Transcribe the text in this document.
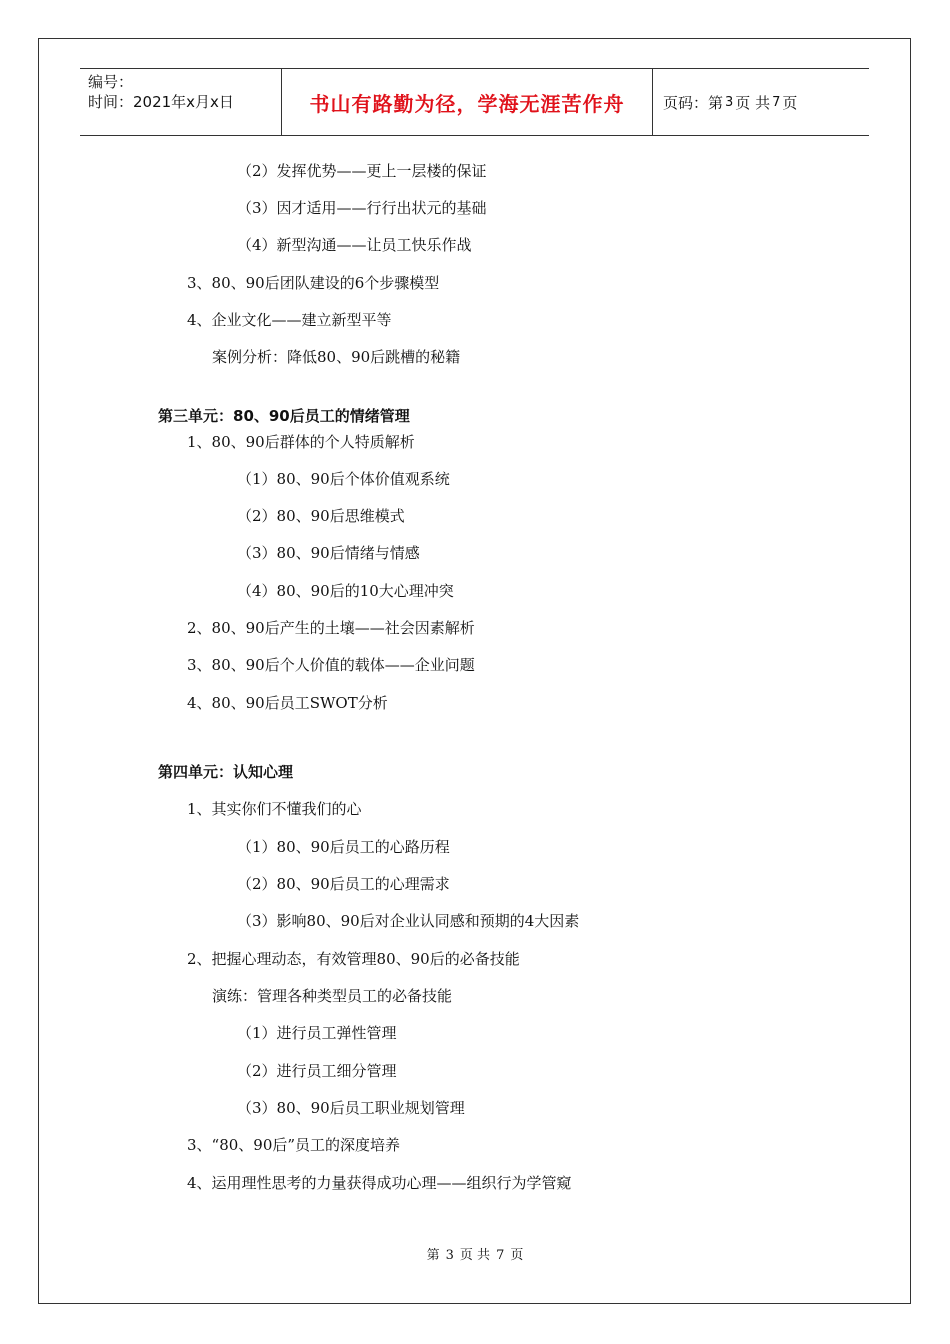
编号：
时间：2021年x月x日	书山有路勤为径，学海无涯苦作舟	页码：第 3 页 共 7 页
（2）发挥优势——更上一层楼的保证
（3）因才适用——行行出状元的基础
（4）新型沟通——让员工快乐作战
3、80、90后团队建设的6个步骤模型
4、企业文化——建立新型平等
案例分析：降低80、90后跳槽的秘籍
第三单元：80、90后员工的情绪管理
1、80、90后群体的个人特质解析
（1）80、90后个体价值观系统
（2）80、90后思维模式
（3）80、90后情绪与情感
（4）80、90后的10大心理冲突
2、80、90后产生的土壤——社会因素解析
3、80、90后个人价值的载体——企业问题
4、80、90后员工SWOT分析
第四单元：认知心理
1、其实你们不懂我们的心
（1）80、90后员工的心路历程
（2）80、90后员工的心理需求
（3）影响80、90后对企业认同感和预期的4大因素
2、把握心理动态，有效管理80、90后的必备技能
演练：管理各种类型员工的必备技能
（1）进行员工弹性管理
（2）进行员工细分管理
（3）80、90后员工职业规划管理
3、“80、90后”员工的深度培养
4、运用理性思考的力量获得成功心理——组织行为学管窥
第 3 页 共 7 页
